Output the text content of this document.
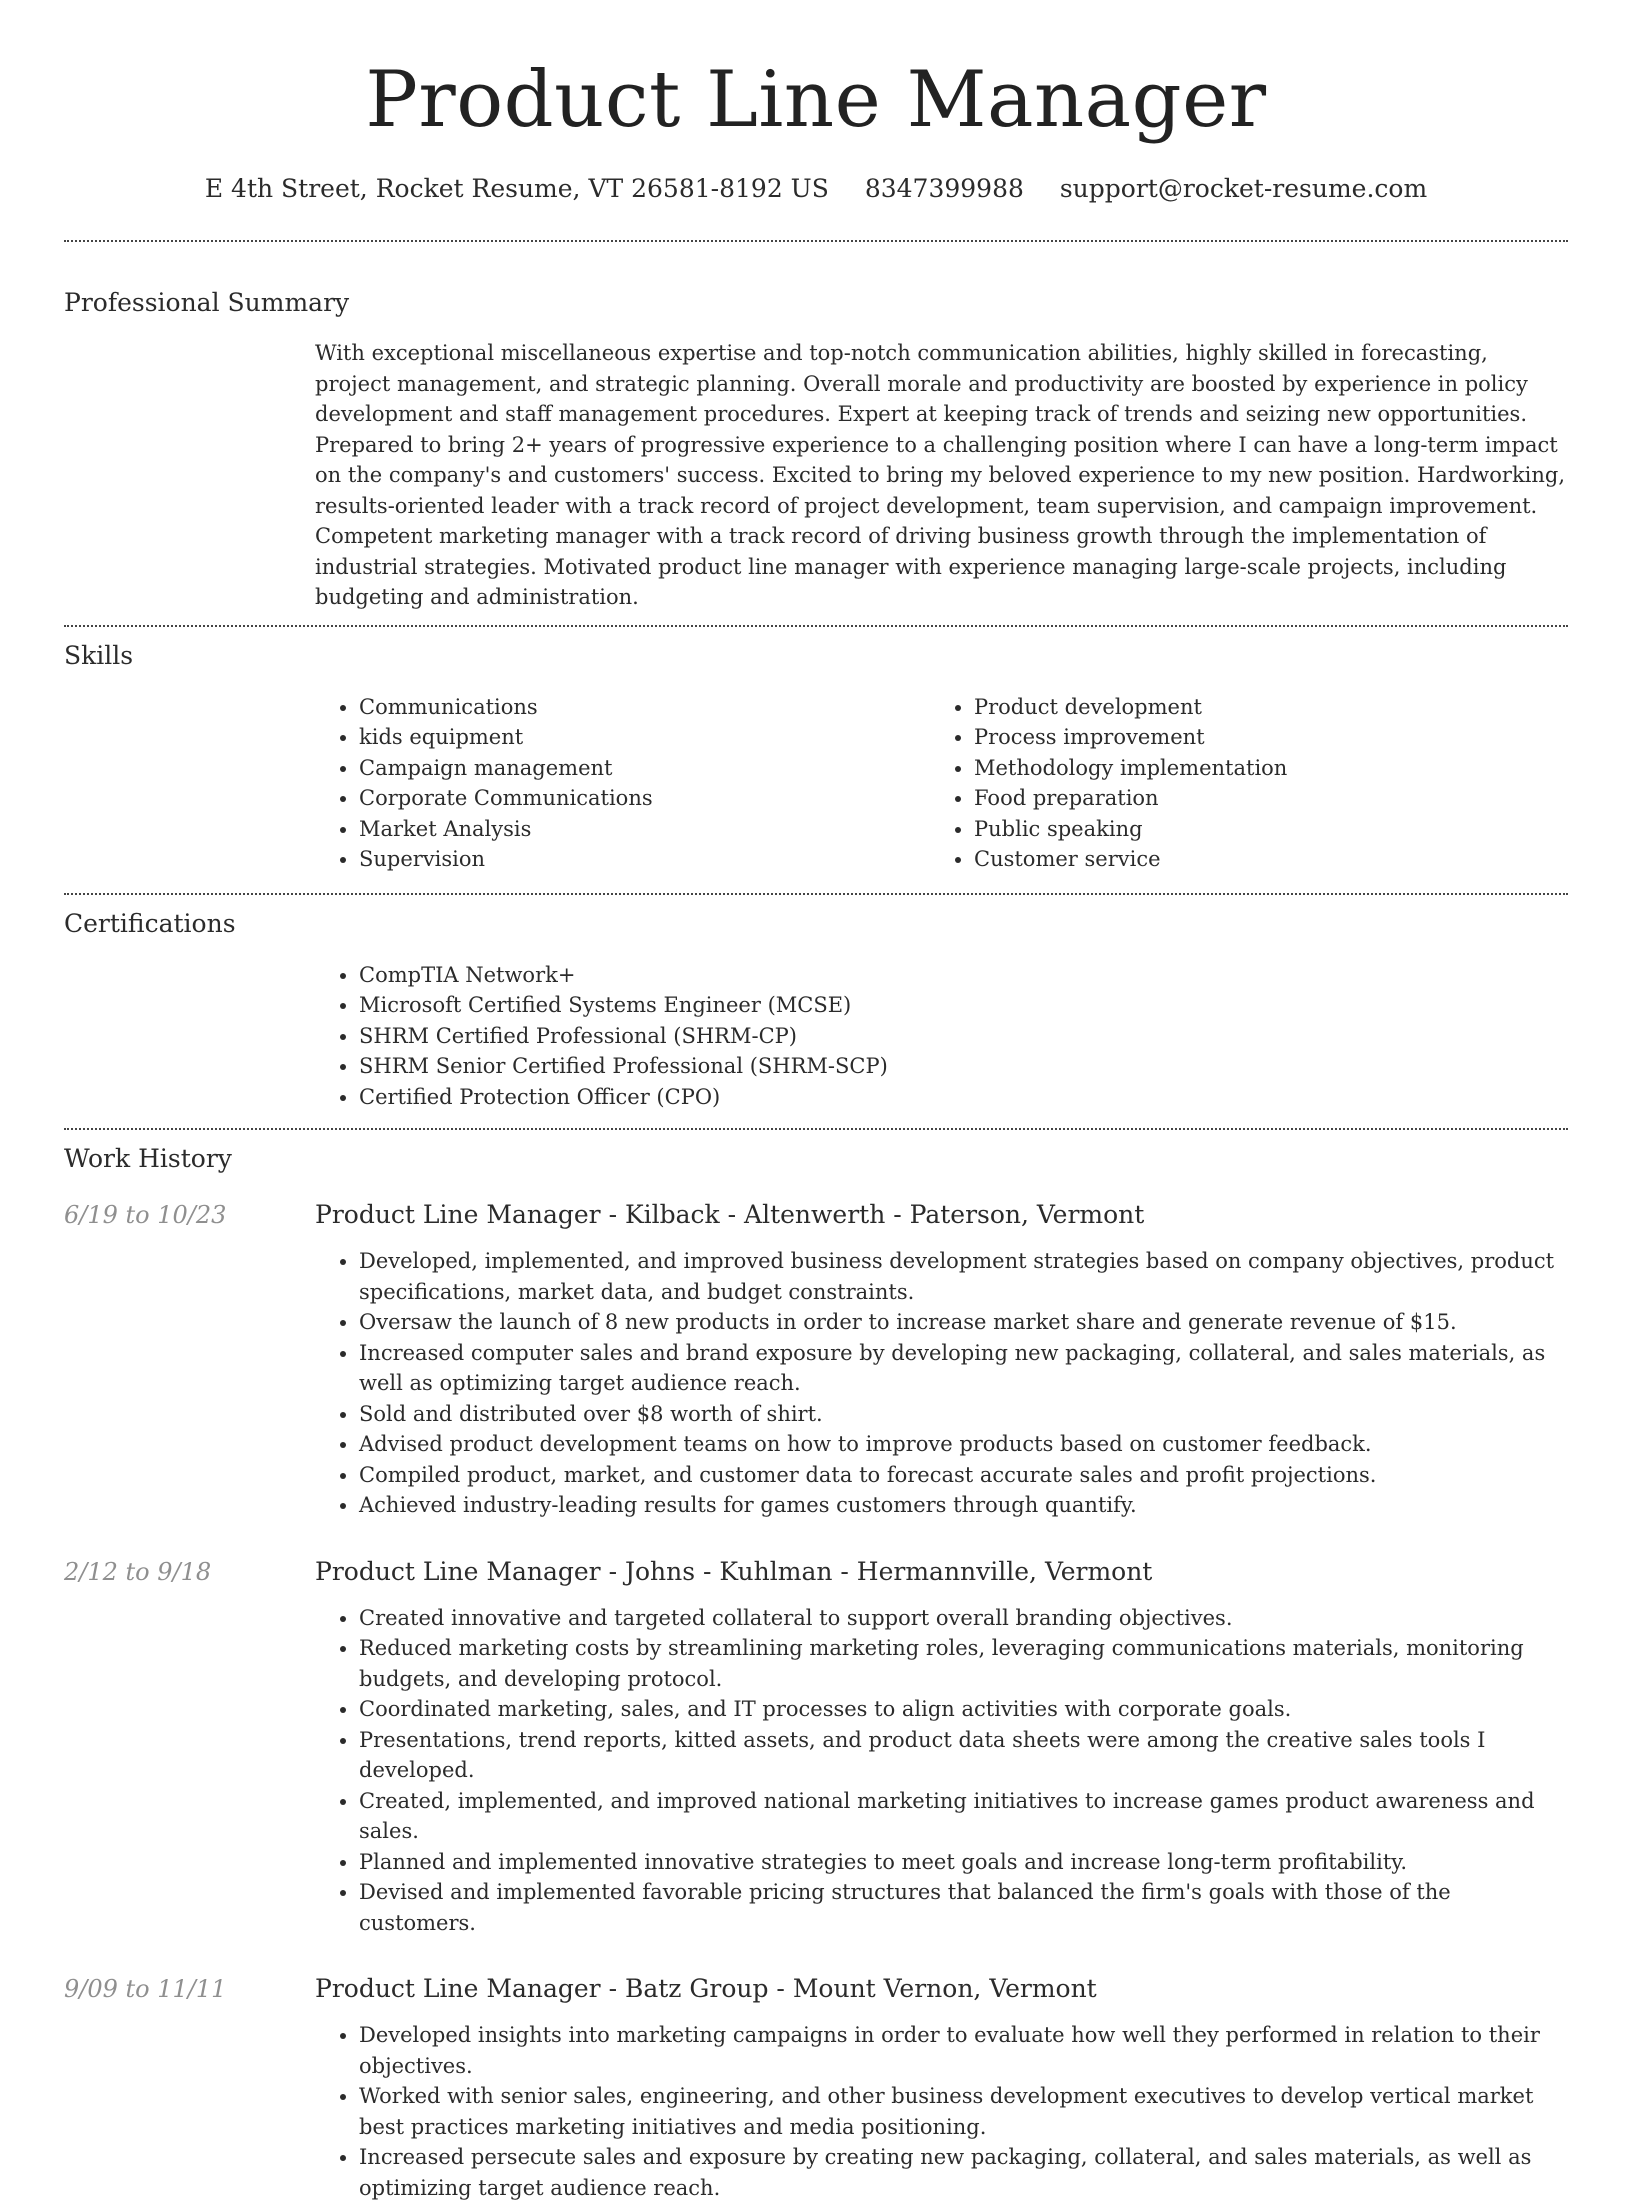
Product Line Manager
E 4th Street, Rocket Resume, VT 26581-8192 US 8347399988 support@rocket-resume.com
Professional Summary

With exceptional miscellaneous expertise and top-notch communication abilities, highly skilled in forecasting, project management, and strategic planning. Overall morale and productivity are boosted by experience in policy development and staff management procedures. Expert at keeping track of trends and seizing new opportunities. Prepared to bring 2+ years of progressive experience to a challenging position where I can have a long-term impact on the company's and customers' success. Excited to bring my beloved experience to my new position. Hardworking, results-oriented leader with a track record of project development, team supervision, and campaign improvement. Competent marketing manager with a track record of driving business growth through the implementation of industrial strategies. Motivated product line manager with experience managing large-scale projects, including budgeting and administration.

Skills
• Communications
• kids equipment
• Campaign management
• Corporate Communications
• Market Analysis
• Supervision
• Product development
• Process improvement
• Methodology implementation
• Food preparation
• Public speaking
• Customer service
Certifications
• CompTIA Network+
• Microsoft Certified Systems Engineer (MCSE)
• SHRM Certified Professional (SHRM-CP)
• SHRM Senior Certified Professional (SHRM-SCP)
• Certified Protection Officer (CPO)
Work History
6/19 to 10/23	Product Line Manager - Kilback - Altenwerth - Paterson, Vermont
• Developed, implemented, and improved business development strategies based on company objectives, product specifications, market data, and budget constraints.
• Oversaw the launch of 8 new products in order to increase market share and generate revenue of $15.
• Increased computer sales and brand exposure by developing new packaging, collateral, and sales materials, as well as optimizing target audience reach.
• Sold and distributed over $8 worth of shirt.
• Advised product development teams on how to improve products based on customer feedback.
• Compiled product, market, and customer data to forecast accurate sales and profit projections.
• Achieved industry-leading results for games customers through quantify.
2/12 to 9/18	Product Line Manager - Johns - Kuhlman - Hermannville, Vermont
• Created innovative and targeted collateral to support overall branding objectives.
• Reduced marketing costs by streamlining marketing roles, leveraging communications materials, monitoring budgets, and developing protocol.
• Coordinated marketing, sales, and IT processes to align activities with corporate goals.
• Presentations, trend reports, kitted assets, and product data sheets were among the creative sales tools I developed.
• Created, implemented, and improved national marketing initiatives to increase games product awareness and sales.
• Planned and implemented innovative strategies to meet goals and increase long-term profitability.
• Devised and implemented favorable pricing structures that balanced the firm's goals with those of the customers.
9/09 to 11/11	Product Line Manager - Batz Group - Mount Vernon, Vermont
• Developed insights into marketing campaigns in order to evaluate how well they performed in relation to their objectives.
• Worked with senior sales, engineering, and other business development executives to develop vertical market best practices marketing initiatives and media positioning.
• Increased persecute sales and exposure by creating new packaging, collateral, and sales materials, as well as optimizing target audience reach.
